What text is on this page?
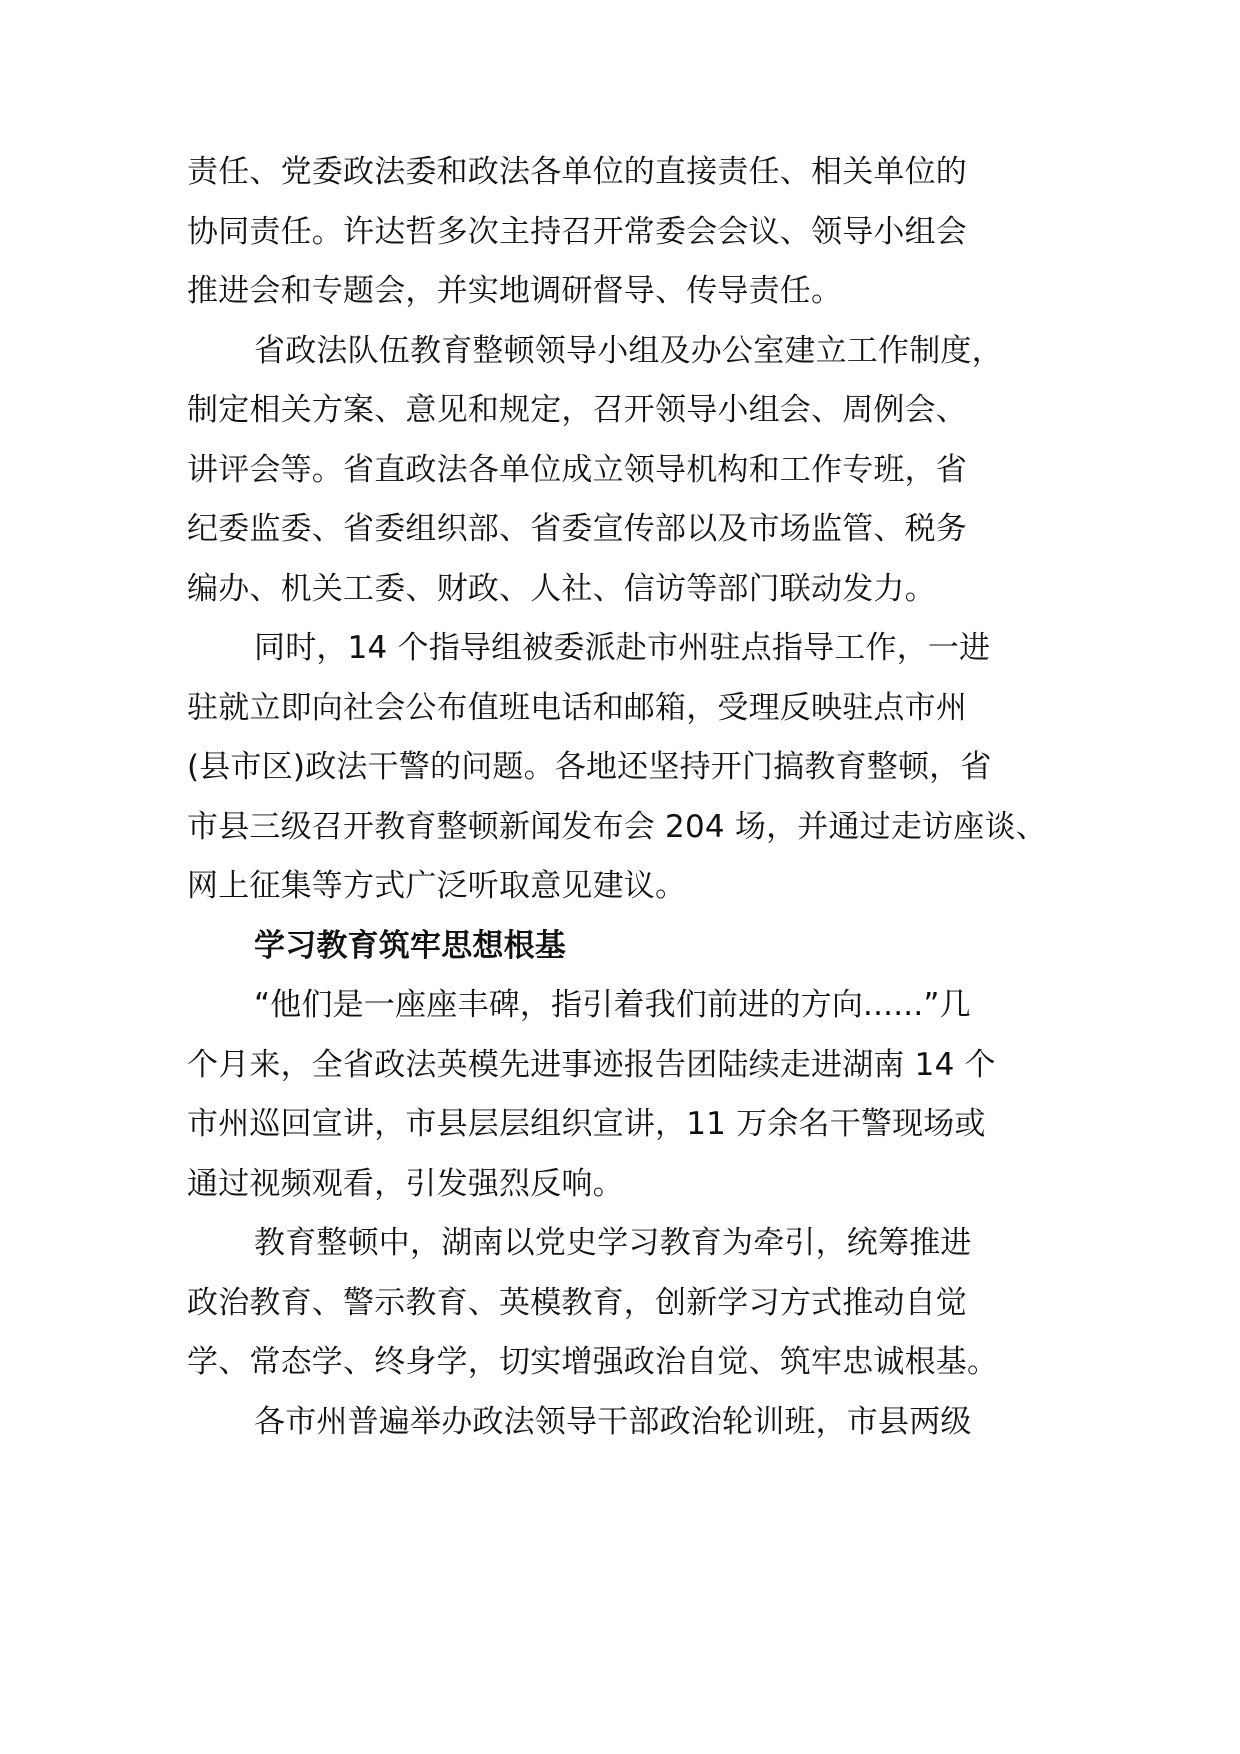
责任、党委政法委和政法各单位的直接责任、相关单位的

协同责任。许达哲多次主持召开常委会会议、领导小组会

推进会和专题会，并实地调研督导、传导责任。

省政法队伍教育整顿领导小组及办公室建立工作制度，

制定相关方案、意见和规定，召开领导小组会、周例会、

讲评会等。省直政法各单位成立领导机构和工作专班，省

纪委监委、省委组织部、省委宣传部以及市场监管、税务

编办、机关工委、财政、人社、信访等部门联动发力。

同时，14 个指导组被委派赴市州驻点指导工作，一进

驻就立即向社会公布值班电话和邮箱，受理反映驻点市州

(县市区)政法干警的问题。各地还坚持开门搞教育整顿，省

市县三级召开教育整顿新闻发布会 204 场，并通过走访座谈、

网上征集等方式广泛听取意见建议。

学习教育筑牢思想根基

“他们是一座座丰碑，指引着我们前进的方向......”几

个月来，全省政法英模先进事迹报告团陆续走进湖南 14 个

市州巡回宣讲，市县层层组织宣讲，11 万余名干警现场或

通过视频观看，引发强烈反响。

教育整顿中，湖南以党史学习教育为牵引，统筹推进

政治教育、警示教育、英模教育，创新学习方式推动自觉

学、常态学、终身学，切实增强政治自觉、筑牢忠诚根基。

各市州普遍举办政法领导干部政治轮训班，市县两级
